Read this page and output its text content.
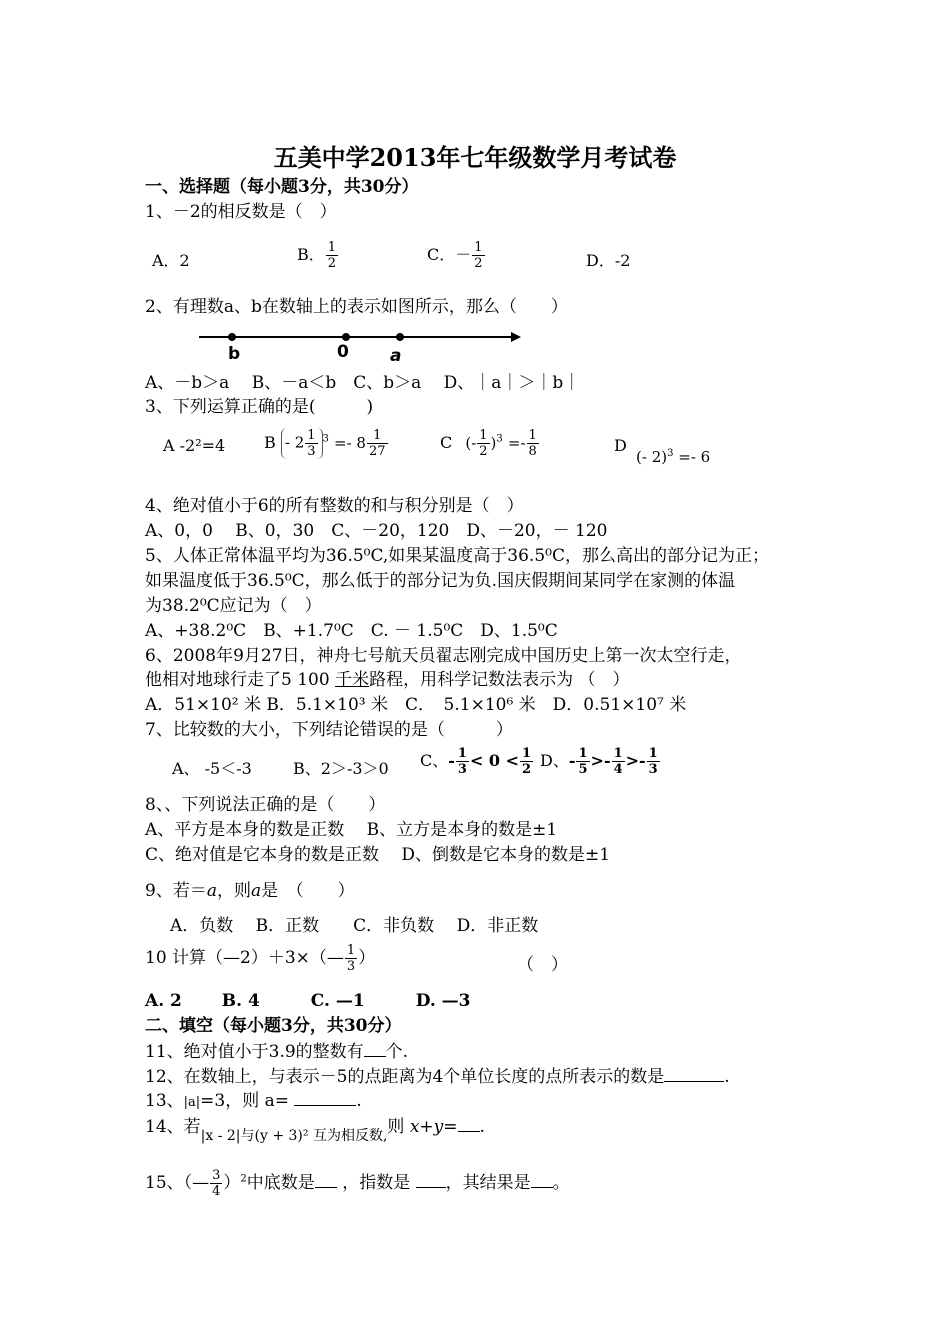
五美中学2013年七年级数学月考试卷
一、选择题（每小题3分，共30分）
1、－2的相反数是（　）
A．2	B． $\frac{1}{2}$	C．－ $\frac{1}{2}$	D．-2
2、有理数a、b在数轴上的表示如图所示，那么（　　）
b	0 a
A、－b＞a　 B、－a＜b　C、b＞a　 D、｜a｜＞｜b｜
3、下列运算正确的是(　　　)
A -2²=4 $B - 2 \frac{1}{3} ^3 =- 8 \frac{1}{27}$	C (- $\frac{1}{2} )^3 =- \frac{1}{8}$	D

(- 2)$^3$ =- 6
4、绝对值小于6的所有整数的和与积分别是（　）
A、0，0　 B、0，30　C、－20，120　D、－20，－ 120
5、人体正常体温平均为36.5⁰C,如果某温度高于36.5⁰C，那么高出的部分记为正；
如果温度低于36.5⁰C，那么低于的部分记为负.国庆假期间某同学在家测的体温
为38.2⁰C应记为（　）
A、+38.2⁰C　B、+1.7⁰C　C. － 1.5⁰C　D、1.5⁰C
6、2008年9月27日，神舟七号航天员翟志刚完成中国历史上第一次太空行走，
他相对地球行走了5 100 千米路程，用科学记数法表示为 （　）
A．51×10² 米 B．5.1×10³ 米　C．　5.1×10⁶ 米　D．0.51×10⁷ 米
7、比较数的大小，下列结论错误的是（　　　）
A、 -5＜-3	B、2＞-3＞0 C、- $\frac{1}{3} < 0 < \frac{1}{2}$ D、- $\frac{1}{5} >- \frac{1}{4} >- \frac{1}{3}$
8、、下列说法正确的是（　　）
A、平方是本身的数是正数　 B、立方是本身的数是±1
C、绝对值是它本身的数是正数　 D、倒数是它本身的数是±1
9、若＝a，则a是　（　　）
A．负数　 B．正数　　C．非负数　 D．非正数
10 计算（—2）＋3×（— $\frac{1}{3}$ ）	（　）
A. 2　　 B. 4　　　C. —1　　　D. —3
二、填空（每小题3分，共30分）
11、绝对值小于3.9的整数有 个.
12、在数轴上，与表示－5的点距离为4个单位长度的点所表示的数是	.
13、|a|=3，则 a=	.
14、若$_{|x - 2|与(y + 3)^2 互为相反数,}$则 x+y= .
15、（— $\frac{3}{4} )^2$中底数是 ，指数是 ，其结果是 。
